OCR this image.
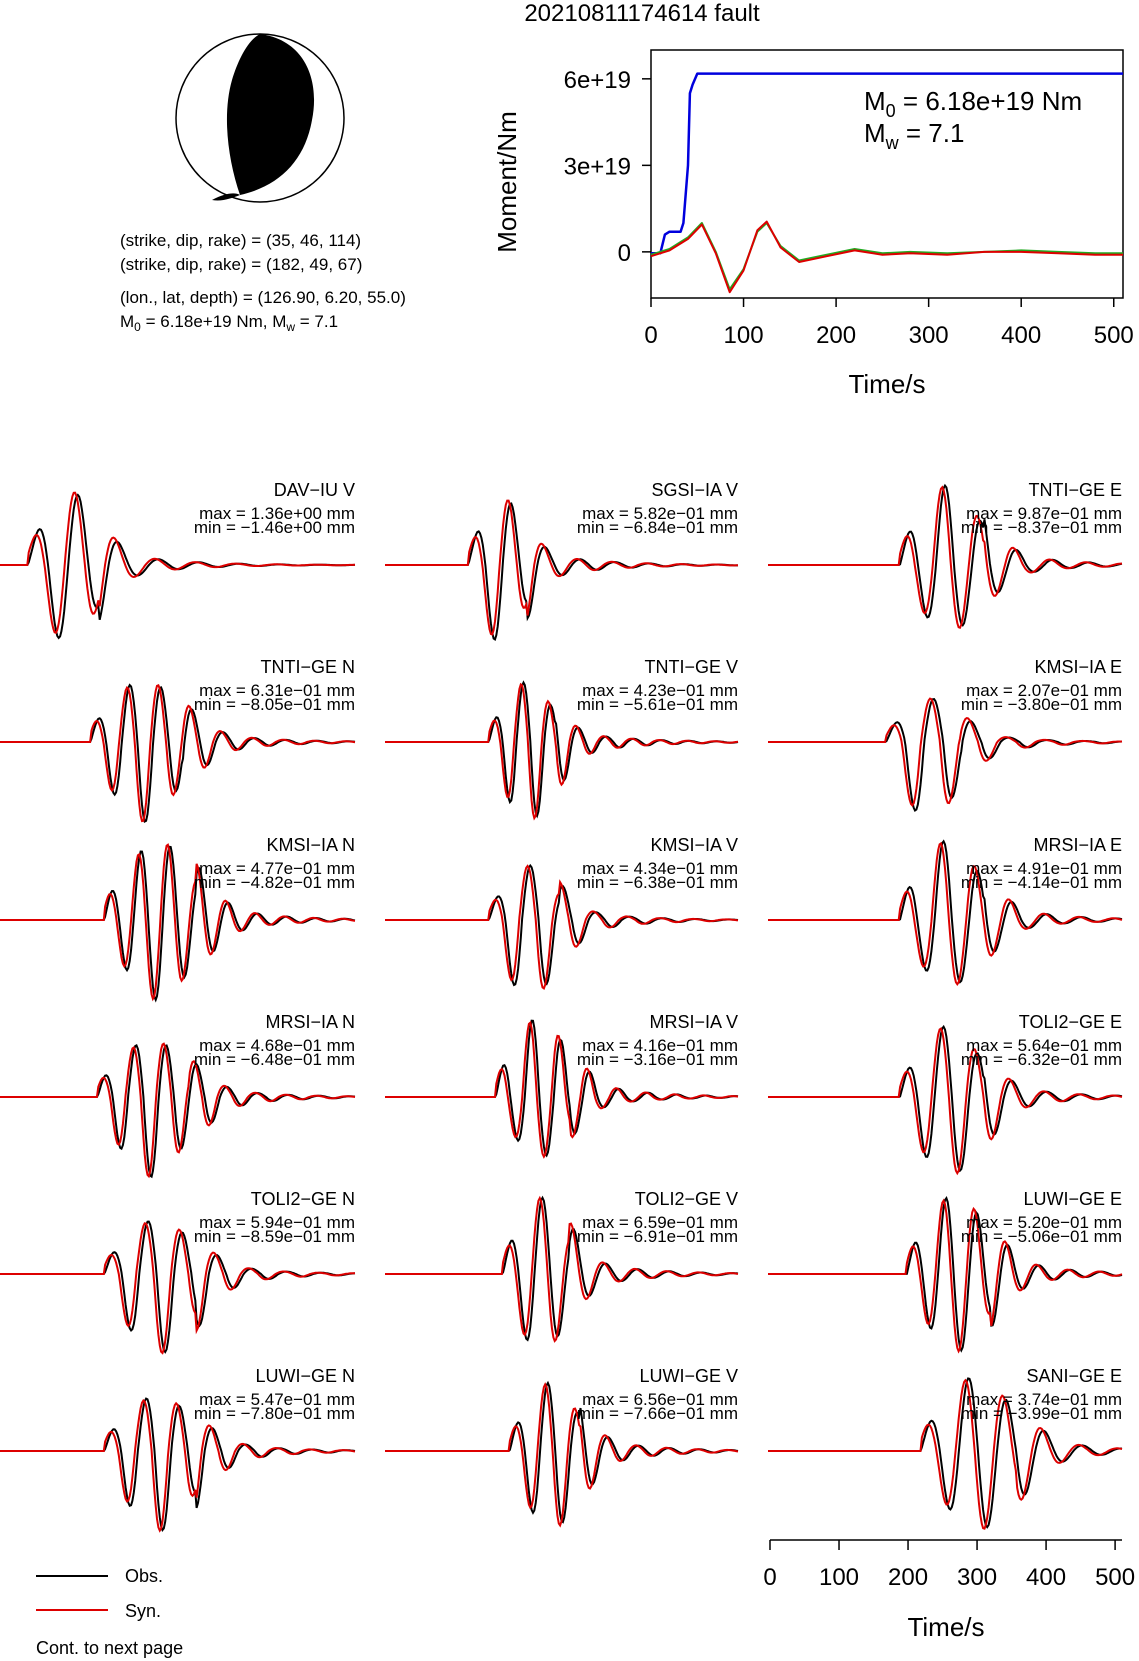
20210811174614 fault
(strike, dip, rake) = (35, 46, 114)
(strike, dip, rake) = (182, 49, 67)
(lon., lat, depth) = (126.90, 6.20, 55.0)
$M_0 = 6.18e+19$ Nm, $M_w = 7.1$
0	100 200 300 400 500
0
3e+19
6e+19
Moment/Nm
Time/s
$M_0 = 6.18e+19$ Nm
$M_w = 7.1$
DAV−IU V
max = 1.36e+00 mm
min = −1.46e+00 mm
SGSI−IA V
max = 5.82e−01 mm
min = −6.84e−01 mm
TNTI−GE E
max = 9.87e−01 mm
min = −8.37e−01 mm
TNTI−GE N
max = 6.31e−01 mm
min = −8.05e−01 mm
TNTI−GE V
max = 4.23e−01 mm
min = −5.61e−01 mm
KMSI−IA E
max = 2.07e−01 mm
min = −3.80e−01 mm
KMSI−IA N
max = 4.77e−01 mm
min = −4.82e−01 mm
KMSI−IA V
max = 4.34e−01 mm
min = −6.38e−01 mm
MRSI−IA E
max = 4.91e−01 mm
min = −4.14e−01 mm
MRSI−IA N
max = 4.68e−01 mm
min = −6.48e−01 mm
MRSI−IA V
max = 4.16e−01 mm
min = −3.16e−01 mm
TOLI2−GE E
max = 5.64e−01 mm
min = −6.32e−01 mm
TOLI2−GE N
max = 5.94e−01 mm
min = −8.59e−01 mm
TOLI2−GE V
max = 6.59e−01 mm
min = −6.91e−01 mm
LUWI−GE E
max = 5.20e−01 mm
min = −5.06e−01 mm
LUWI−GE N
max = 5.47e−01 mm
min = −7.80e−01 mm
LUWI−GE V
max = 6.56e−01 mm
min = −7.66e−01 mm
SANI−GE E
max = 3.74e−01 mm
min = −3.99e−01 mm
Time/s
0 100 200 300 400 500
Obs.
Syn.
Cont. to next page
